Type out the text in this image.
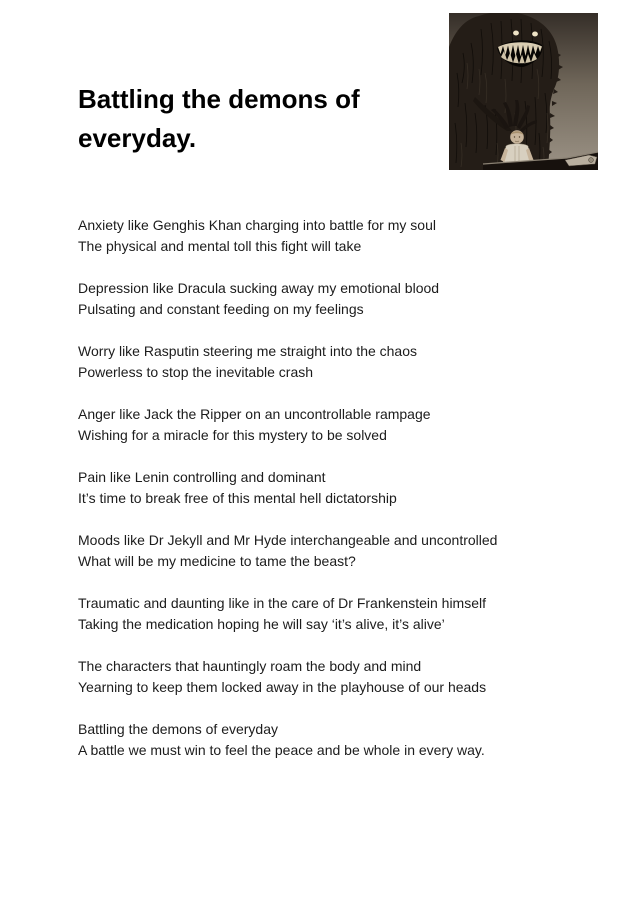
Battling the demons of everyday.
Anxiety like Genghis Khan charging into battle for my soul
The physical and mental toll this fight will take
Depression like Dracula sucking away my emotional blood
Pulsating and constant feeding on my feelings
Worry like Rasputin steering me straight into the chaos
Powerless to stop the inevitable crash
Anger like Jack the Ripper on an uncontrollable rampage
Wishing for a miracle for this mystery to be solved
Pain like Lenin controlling and dominant
It’s time to break free of this mental hell dictatorship
Moods like Dr Jekyll and Mr Hyde interchangeable and uncontrolled
What will be my medicine to tame the beast?
Traumatic and daunting like in the care of Dr Frankenstein himself
Taking the medication hoping he will say ‘it’s alive, it’s alive’
The characters that hauntingly roam the body and mind
Yearning to keep them locked away in the playhouse of our heads
Battling the demons of everyday
A battle we must win to feel the peace and be whole in every way.
